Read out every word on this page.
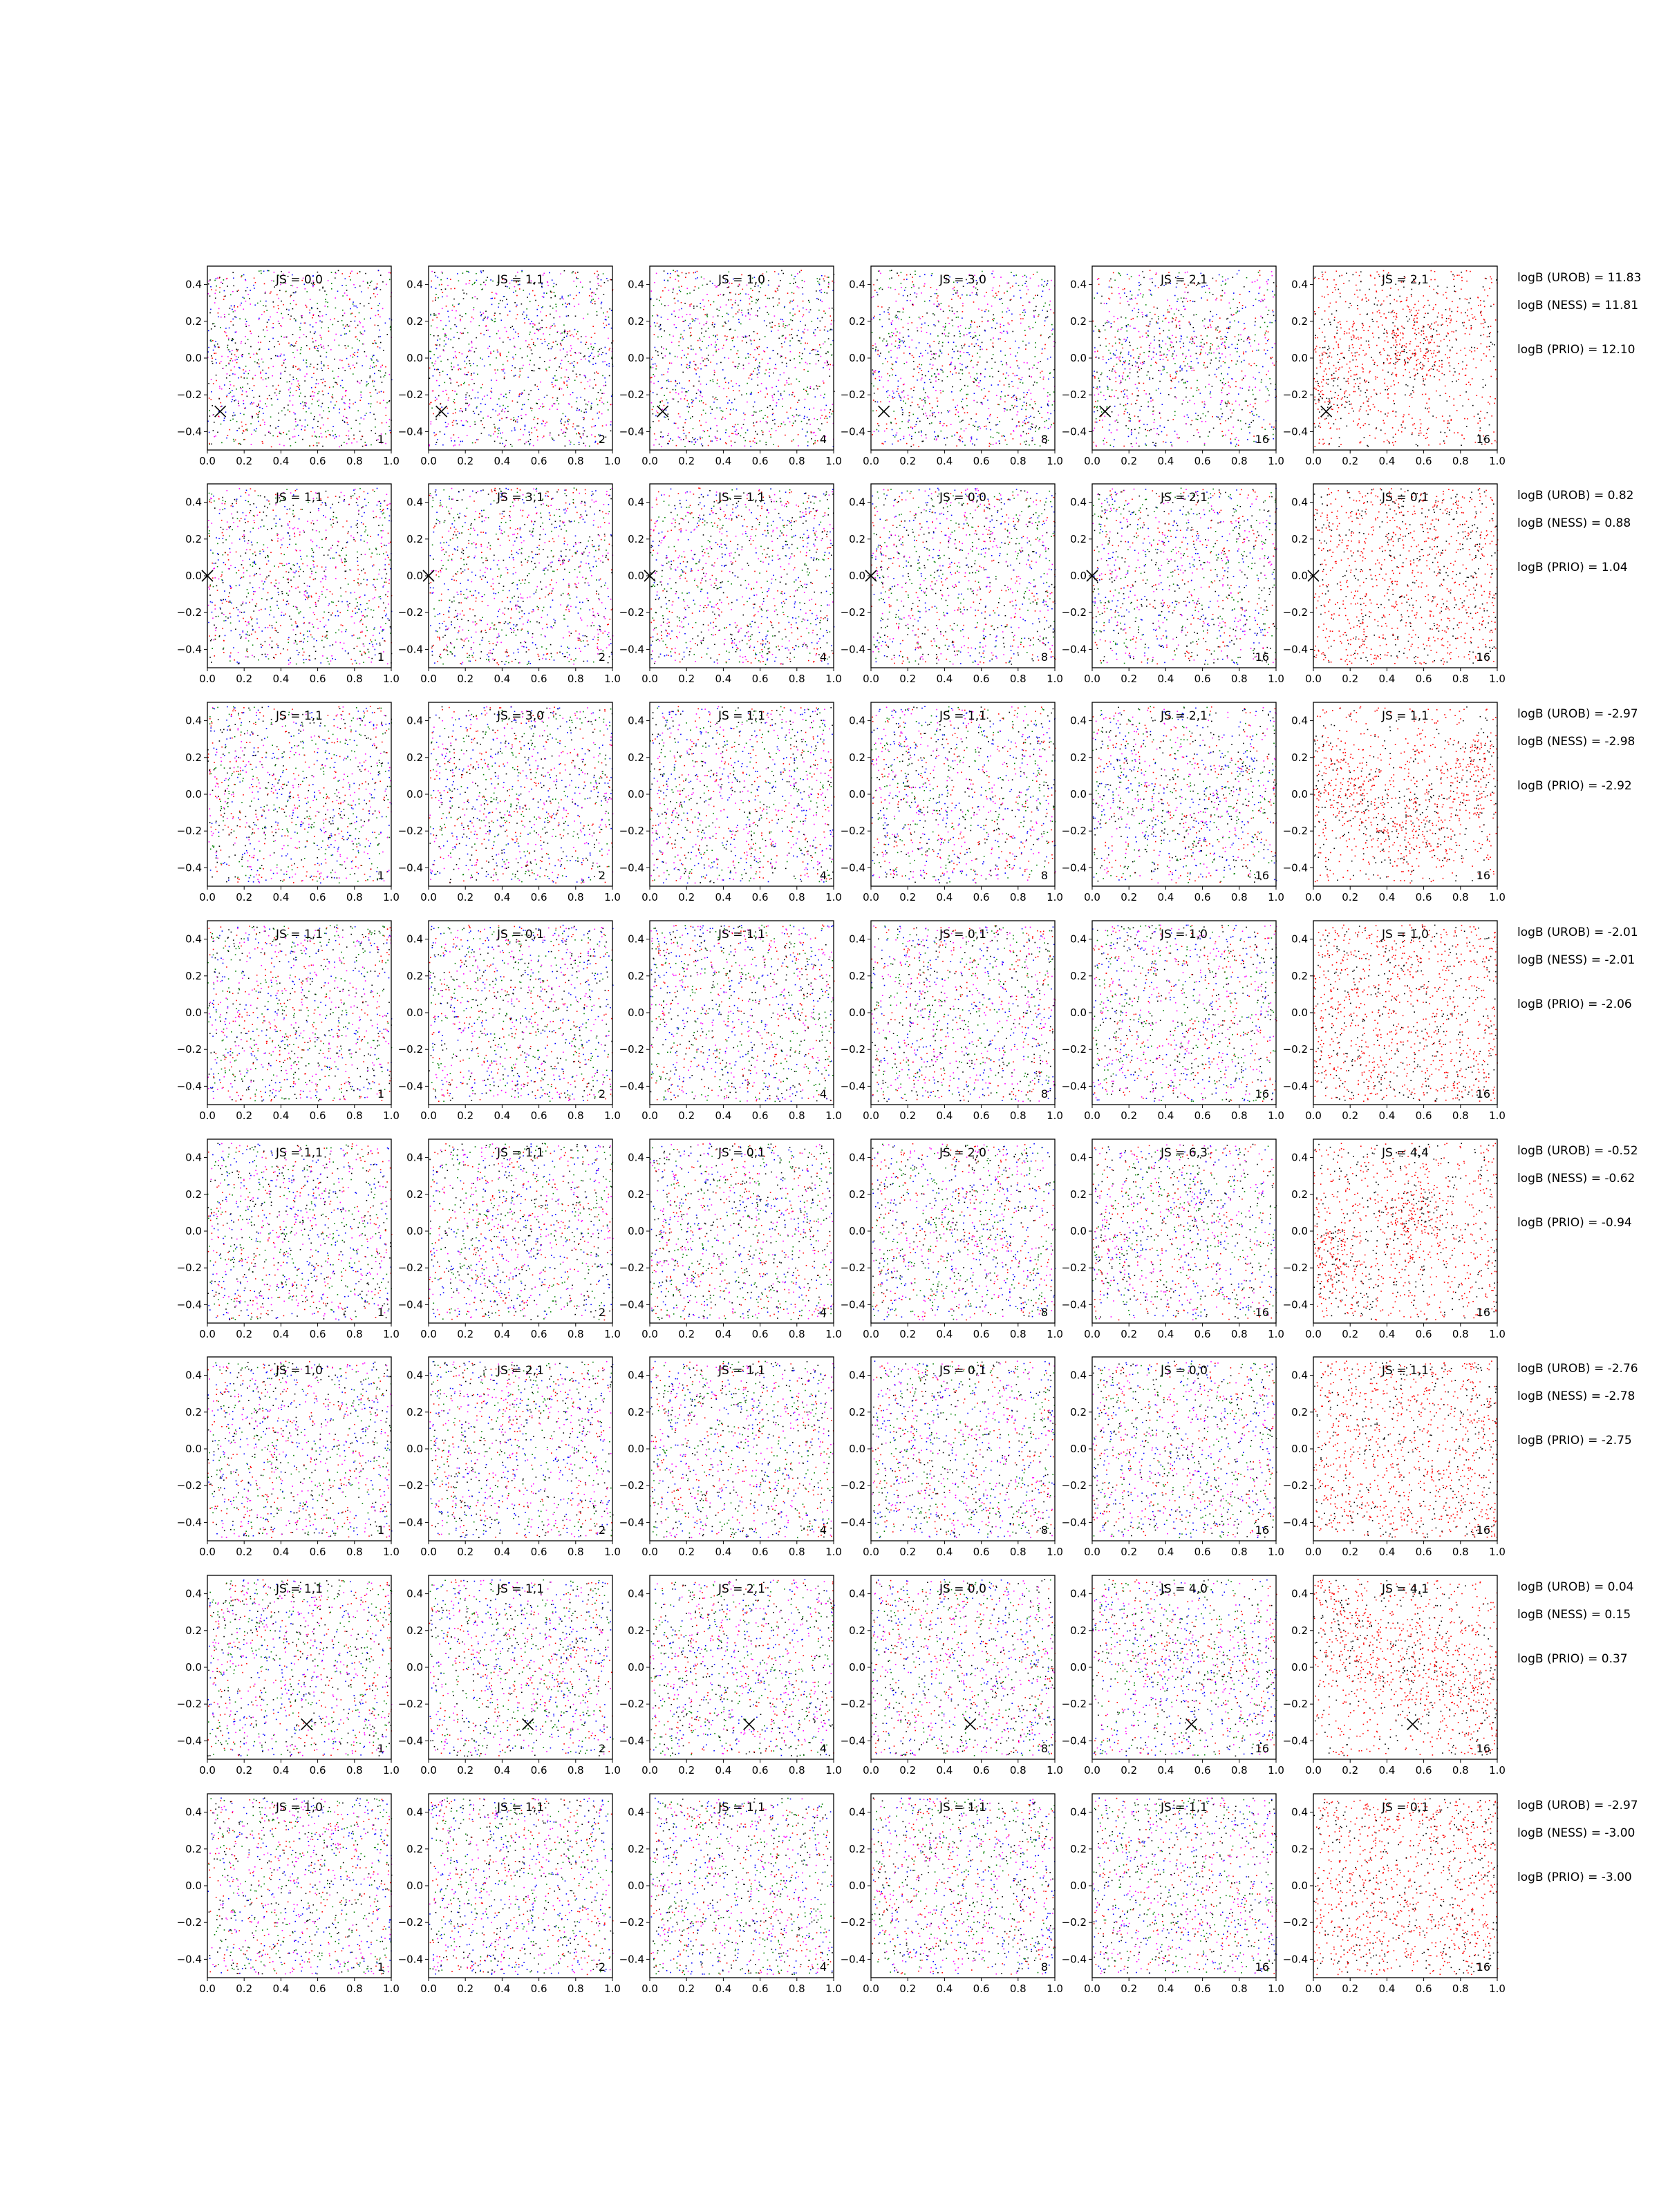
0.4
0.2
0.0
−0.2
−0.4
0.0 0.2 0.4 0.6 0.8 1.0
JS = 0,0
1
0.4
0.2
0.0
−0.2
−0.4
0.0 0.2 0.4 0.6 0.8 1.0
JS = 1,1
2
0.4
0.2
0.0
−0.2
−0.4
0.0 0.2 0.4 0.6 0.8 1.0
JS = 1,0
4
0.4
0.2
0.0
−0.2
−0.4
0.0 0.2 0.4 0.6 0.8 1.0
JS = 3,0
8
0.4
0.2
0.0
−0.2
−0.4
0.0 0.2 0.4 0.6 0.8 1.0
JS = 2,1
16
0.4
0.2
0.0
−0.2
−0.4
0.0 0.2 0.4 0.6 0.8 1.0
JS = 2,1
16
logB (UROB) = 11.83
logB (NESS) = 11.81
logB (PRIO) = 12.10
0.4
0.2
0.0
−0.2
−0.4
0.0 0.2 0.4 0.6 0.8 1.0
JS = 1,1
1
0.4
0.2
0.0
−0.2
−0.4
0.0 0.2 0.4 0.6 0.8 1.0
JS = 3,1
2
0.4
0.2
0.0
−0.2
−0.4
0.0 0.2 0.4 0.6 0.8 1.0
JS = 1,1
4
0.4
0.2
0.0
−0.2
−0.4
0.0 0.2 0.4 0.6 0.8 1.0
JS = 0,0
8
0.4
0.2
0.0
−0.2
−0.4
0.0 0.2 0.4 0.6 0.8 1.0
JS = 2,1
16
0.4
0.2
0.0
−0.2
−0.4
0.0 0.2 0.4 0.6 0.8 1.0
JS = 0,1
16
logB (UROB) = 0.82
logB (NESS) = 0.88
logB (PRIO) = 1.04
0.4
0.2
0.0
−0.2
−0.4
0.0 0.2 0.4 0.6 0.8 1.0
JS = 1,1
1
0.4
0.2
0.0
−0.2
−0.4
0.0 0.2 0.4 0.6 0.8 1.0
JS = 3,0
2
0.4
0.2
0.0
−0.2
−0.4
0.0 0.2 0.4 0.6 0.8 1.0
JS = 1,1
4
0.4
0.2
0.0
−0.2
−0.4
0.0 0.2 0.4 0.6 0.8 1.0
JS = 1,1
8
0.4
0.2
0.0
−0.2
−0.4
0.0 0.2 0.4 0.6 0.8 1.0
JS = 2,1
16
0.4
0.2
0.0
−0.2
−0.4
0.0 0.2 0.4 0.6 0.8 1.0
JS = 1,1
16
logB (UROB) = -2.97
logB (NESS) = -2.98
logB (PRIO) = -2.92
0.4
0.2
0.0
−0.2
−0.4
0.0 0.2 0.4 0.6 0.8 1.0
JS = 1,1
1
0.4
0.2
0.0
−0.2
−0.4
0.0 0.2 0.4 0.6 0.8 1.0
JS = 0,1
2
0.4
0.2
0.0
−0.2
−0.4
0.0 0.2 0.4 0.6 0.8 1.0
JS = 1,1
4
0.4
0.2
0.0
−0.2
−0.4
0.0 0.2 0.4 0.6 0.8 1.0
JS = 0,1
8
0.4
0.2
0.0
−0.2
−0.4
0.0 0.2 0.4 0.6 0.8 1.0
JS = 1,0
16
0.4
0.2
0.0
−0.2
−0.4
0.0 0.2 0.4 0.6 0.8 1.0
JS = 1,0
16
logB (UROB) = -2.01
logB (NESS) = -2.01
logB (PRIO) = -2.06
0.4
0.2
0.0
−0.2
−0.4
0.0 0.2 0.4 0.6 0.8 1.0
JS = 1,1
1
0.4
0.2
0.0
−0.2
−0.4
0.0 0.2 0.4 0.6 0.8 1.0
JS = 1,1
2
0.4
0.2
0.0
−0.2
−0.4
0.0 0.2 0.4 0.6 0.8 1.0
JS = 0,1
4
0.4
0.2
0.0
−0.2
−0.4
0.0 0.2 0.4 0.6 0.8 1.0
JS = 2,0
8
0.4
0.2
0.0
−0.2
−0.4
0.0 0.2 0.4 0.6 0.8 1.0
JS = 6,3
16
0.4
0.2
0.0
−0.2
−0.4
0.0 0.2 0.4 0.6 0.8 1.0
JS = 4,4
16
logB (UROB) = -0.52
logB (NESS) = -0.62
logB (PRIO) = -0.94
0.4
0.2
0.0
−0.2
−0.4
0.0 0.2 0.4 0.6 0.8 1.0
JS = 1,0
1
0.4
0.2
0.0
−0.2
−0.4
0.0 0.2 0.4 0.6 0.8 1.0
JS = 2,1
2
0.4
0.2
0.0
−0.2
−0.4
0.0 0.2 0.4 0.6 0.8 1.0
JS = 1,1
4
0.4
0.2
0.0
−0.2
−0.4
0.0 0.2 0.4 0.6 0.8 1.0
JS = 0,1
8
0.4
0.2
0.0
−0.2
−0.4
0.0 0.2 0.4 0.6 0.8 1.0
JS = 0,0
16
0.4
0.2
0.0
−0.2
−0.4
0.0 0.2 0.4 0.6 0.8 1.0
JS = 1,1
16
logB (UROB) = -2.76
logB (NESS) = -2.78
logB (PRIO) = -2.75
0.4
0.2
0.0
−0.2
−0.4
0.0 0.2 0.4 0.6 0.8 1.0
JS = 1,1
1
0.4
0.2
0.0
−0.2
−0.4
0.0 0.2 0.4 0.6 0.8 1.0
JS = 1,1
2
0.4
0.2
0.0
−0.2
−0.4
0.0 0.2 0.4 0.6 0.8 1.0
JS = 2,1
4
0.4
0.2
0.0
−0.2
−0.4
0.0 0.2 0.4 0.6 0.8 1.0
JS = 0,0
8
0.4
0.2
0.0
−0.2
−0.4
0.0 0.2 0.4 0.6 0.8 1.0
JS = 4,0
16
0.4
0.2
0.0
−0.2
−0.4
0.0 0.2 0.4 0.6 0.8 1.0
JS = 4,1
16
logB (UROB) = 0.04
logB (NESS) = 0.15
logB (PRIO) = 0.37
0.4
0.2
0.0
−0.2
−0.4
0.0 0.2 0.4 0.6 0.8 1.0
JS = 1,0
1
0.4
0.2
0.0
−0.2
−0.4
0.0 0.2 0.4 0.6 0.8 1.0
JS = 1,1
2
0.4
0.2
0.0
−0.2
−0.4
0.0 0.2 0.4 0.6 0.8 1.0
JS = 1,1
4
0.4
0.2
0.0
−0.2
−0.4
0.0 0.2 0.4 0.6 0.8 1.0
JS = 1,1
8
0.4
0.2
0.0
−0.2
−0.4
0.0 0.2 0.4 0.6 0.8 1.0
JS = 1,1
16
0.4
0.2
0.0
−0.2
−0.4
0.0 0.2 0.4 0.6 0.8 1.0
JS = 0,1
16
logB (UROB) = -2.97
logB (NESS) = -3.00
logB (PRIO) = -3.00
